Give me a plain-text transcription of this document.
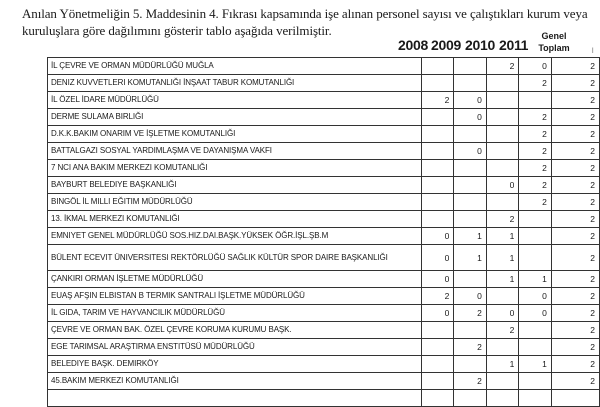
Anılan Yönetmeliğin 5. Maddesinin 4. Fıkrası kapsamında işe alınan personel sayısı ve çalıştıkları kurum veya kuruluşlara göre dağılımını gösterir tablo aşağıda verilmiştir.
2008 2009 2010 2011
Genel
Toplam	l
İL ÇEVRE VE ORMAN MÜDÜRLÜĞÜ MUĞLA			2	0	2
DENIZ KUVVETLERI KOMUTANLIĞI İNŞAAT TABUR KOMUTANLIĞI				2	2
İL ÖZEL İDARE MÜDÜRLÜĞÜ	2	0			2
DERME SULAMA BIRLIĞI		0		2	2
D.K.K.BAKIM ONARIM VE İŞLETME KOMUTANLIĞI				2	2
BATTALGAZI SOSYAL YARDIMLAŞMA VE DAYANIŞMA VAKFI		0		2	2
7 NCI ANA BAKIM MERKEZI KOMUTANLIĞI				2	2
BAYBURT BELEDIYE BAŞKANLIĞI			0	2	2
BINGÖL İL MILLI EĞITIM MÜDÜRLÜĞÜ				2	2
13. İKMAL MERKEZI KOMUTANLIĞI			2		2
EMNIYET GENEL MÜDÜRLÜĞÜ SOS.HIZ.DAI.BAŞK.YÜKSEK ÖĞR.İŞL.ŞB.M	0	1	1		2
BÜLENT ECEVIT ÜNIVERSITESI REKTÖRLÜĞÜ SAĞLIK KÜLTÜR SPOR DAIRE BAŞKANLIĞI	0	1	1		2
ÇANKIRI ORMAN İŞLETME MÜDÜRLÜĞÜ	0		1	1	2
EUAŞ AFŞIN ELBISTAN B TERMIK SANTRALI İŞLETME MÜDÜRLÜĞÜ	2	0		0	2
İL GIDA, TARIM VE HAYVANCILIK MÜDÜRLÜĞÜ	0	2	0	0	2
ÇEVRE VE ORMAN BAK. ÖZEL ÇEVRE KORUMA KURUMU BAŞK.			2		2
EGE TARIMSAL ARAŞTIRMA ENSTITÜSÜ MÜDÜRLÜĞÜ		2			2
BELEDIYE BAŞK. DEMIRKÖY			1	1	2
45.BAKIM MERKEZI KOMUTANLIĞI		2			2
